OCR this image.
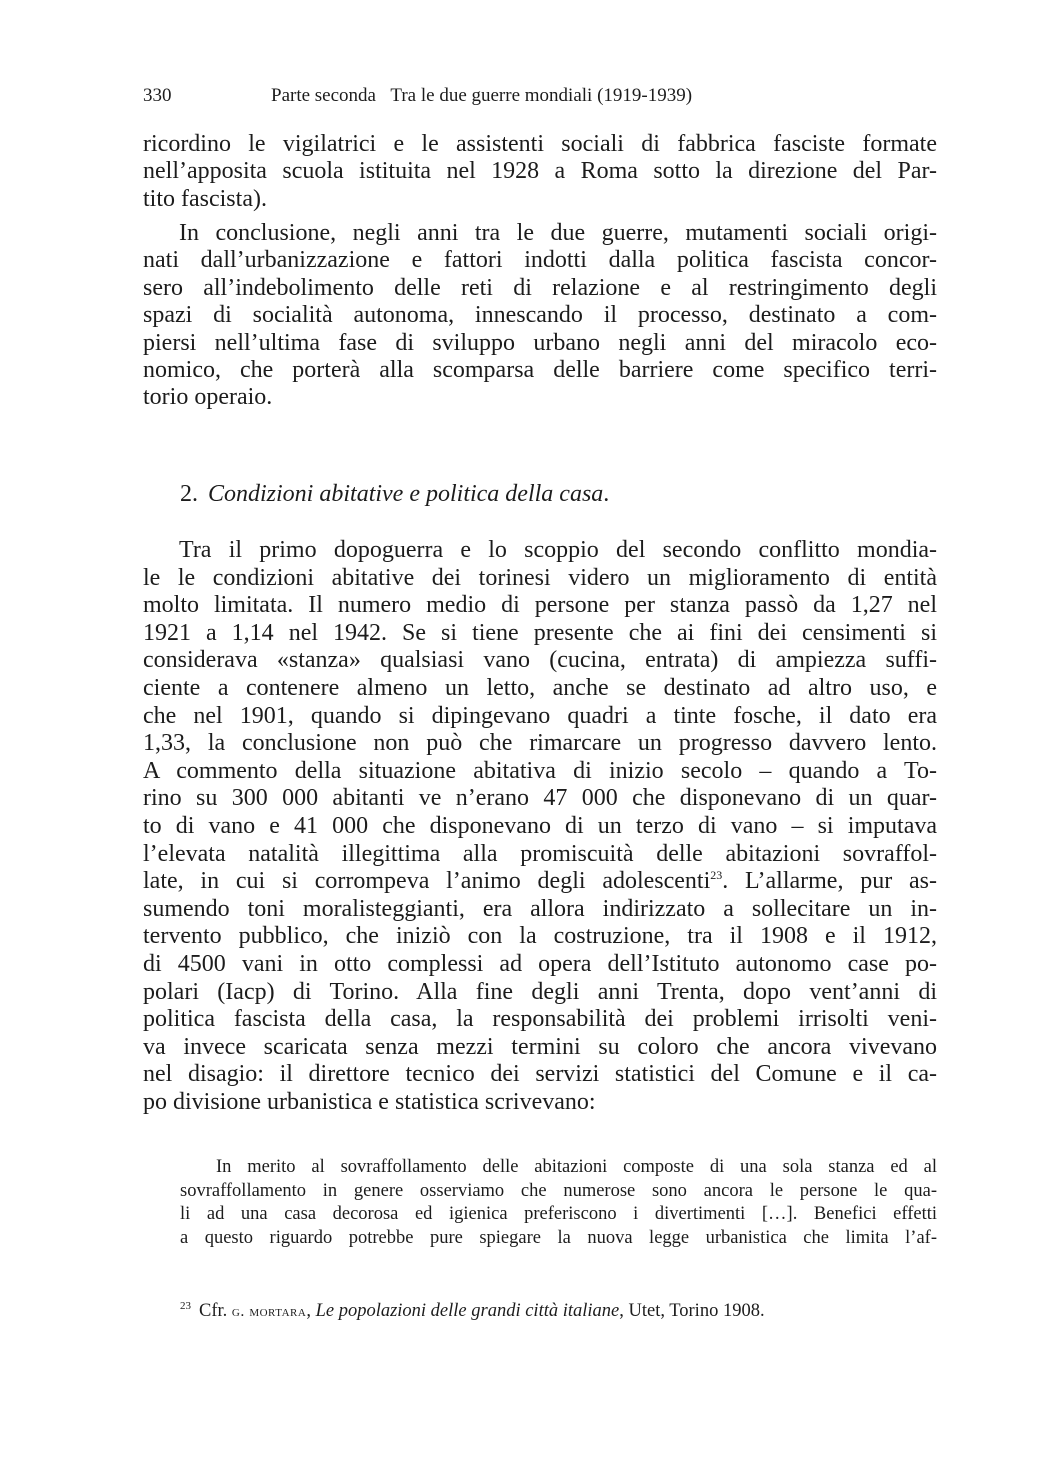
330	Parte seconda Tra le due guerre mondiali (1919-1939)
ricordino le vigilatrici e le assistenti sociali di fabbrica fasciste formate
nell’apposita scuola istituita nel 1928 a Roma sotto la direzione del Par-
tito fascista).
In conclusione, negli anni tra le due guerre, mutamenti sociali origi-
nati dall’urbanizzazione e fattori indotti dalla politica fascista concor-
sero all’indebolimento delle reti di relazione e al restringimento degli
spazi di socialità autonoma, innescando il processo, destinato a com-
piersi nell’ultima fase di sviluppo urbano negli anni del miracolo eco-
nomico, che porterà alla scomparsa delle barriere come specifico terri-
torio operaio.
2. Condizioni abitative e politica della casa.
Tra il primo dopoguerra e lo scoppio del secondo conflitto mondia-
le le condizioni abitative dei torinesi videro un miglioramento di entità
molto limitata. Il numero medio di persone per stanza passò da 1,27 nel
1921 a 1,14 nel 1942. Se si tiene presente che ai fini dei censimenti si
considerava «stanza» qualsiasi vano (cucina, entrata) di ampiezza suffi-
ciente a contenere almeno un letto, anche se destinato ad altro uso, e
che nel 1901, quando si dipingevano quadri a tinte fosche, il dato era
1,33, la conclusione non può che rimarcare un progresso davvero lento.
A commento della situazione abitativa di inizio secolo – quando a To-
rino su 300 000 abitanti ve n’erano 47 000 che disponevano di un quar-
to di vano e 41 000 che disponevano di un terzo di vano – si imputava
l’elevata natalità illegittima alla promiscuità delle abitazioni sovraffol-
late, in cui si corrompeva l’animo degli adolescenti$^{23}$. L’allarme, pur as-
sumendo toni moralisteggianti, era allora indirizzato a sollecitare un in-
tervento pubblico, che iniziò con la costruzione, tra il 1908 e il 1912,
di 4500 vani in otto complessi ad opera dell’Istituto autonomo case po-
polari (Iacp) di Torino. Alla fine degli anni Trenta, dopo vent’anni di
politica fascista della casa, la responsabilità dei problemi irrisolti veni-
va invece scaricata senza mezzi termini su coloro che ancora vivevano
nel disagio: il direttore tecnico dei servizi statistici del Comune e il ca-
po divisione urbanistica e statistica scrivevano:
In merito al sovraffollamento delle abitazioni composte di una sola stanza ed al
sovraffollamento in genere osserviamo che numerose sono ancora le persone le qua-
li ad una casa decorosa ed igienica preferiscono i divertimenti […]. Benefici effetti
a questo riguardo potrebbe pure spiegare la nuova legge urbanistica che limita l’af-
$^{23}$ Cfr. g. mortara, Le popolazioni delle grandi città italiane, Utet, Torino 1908.
